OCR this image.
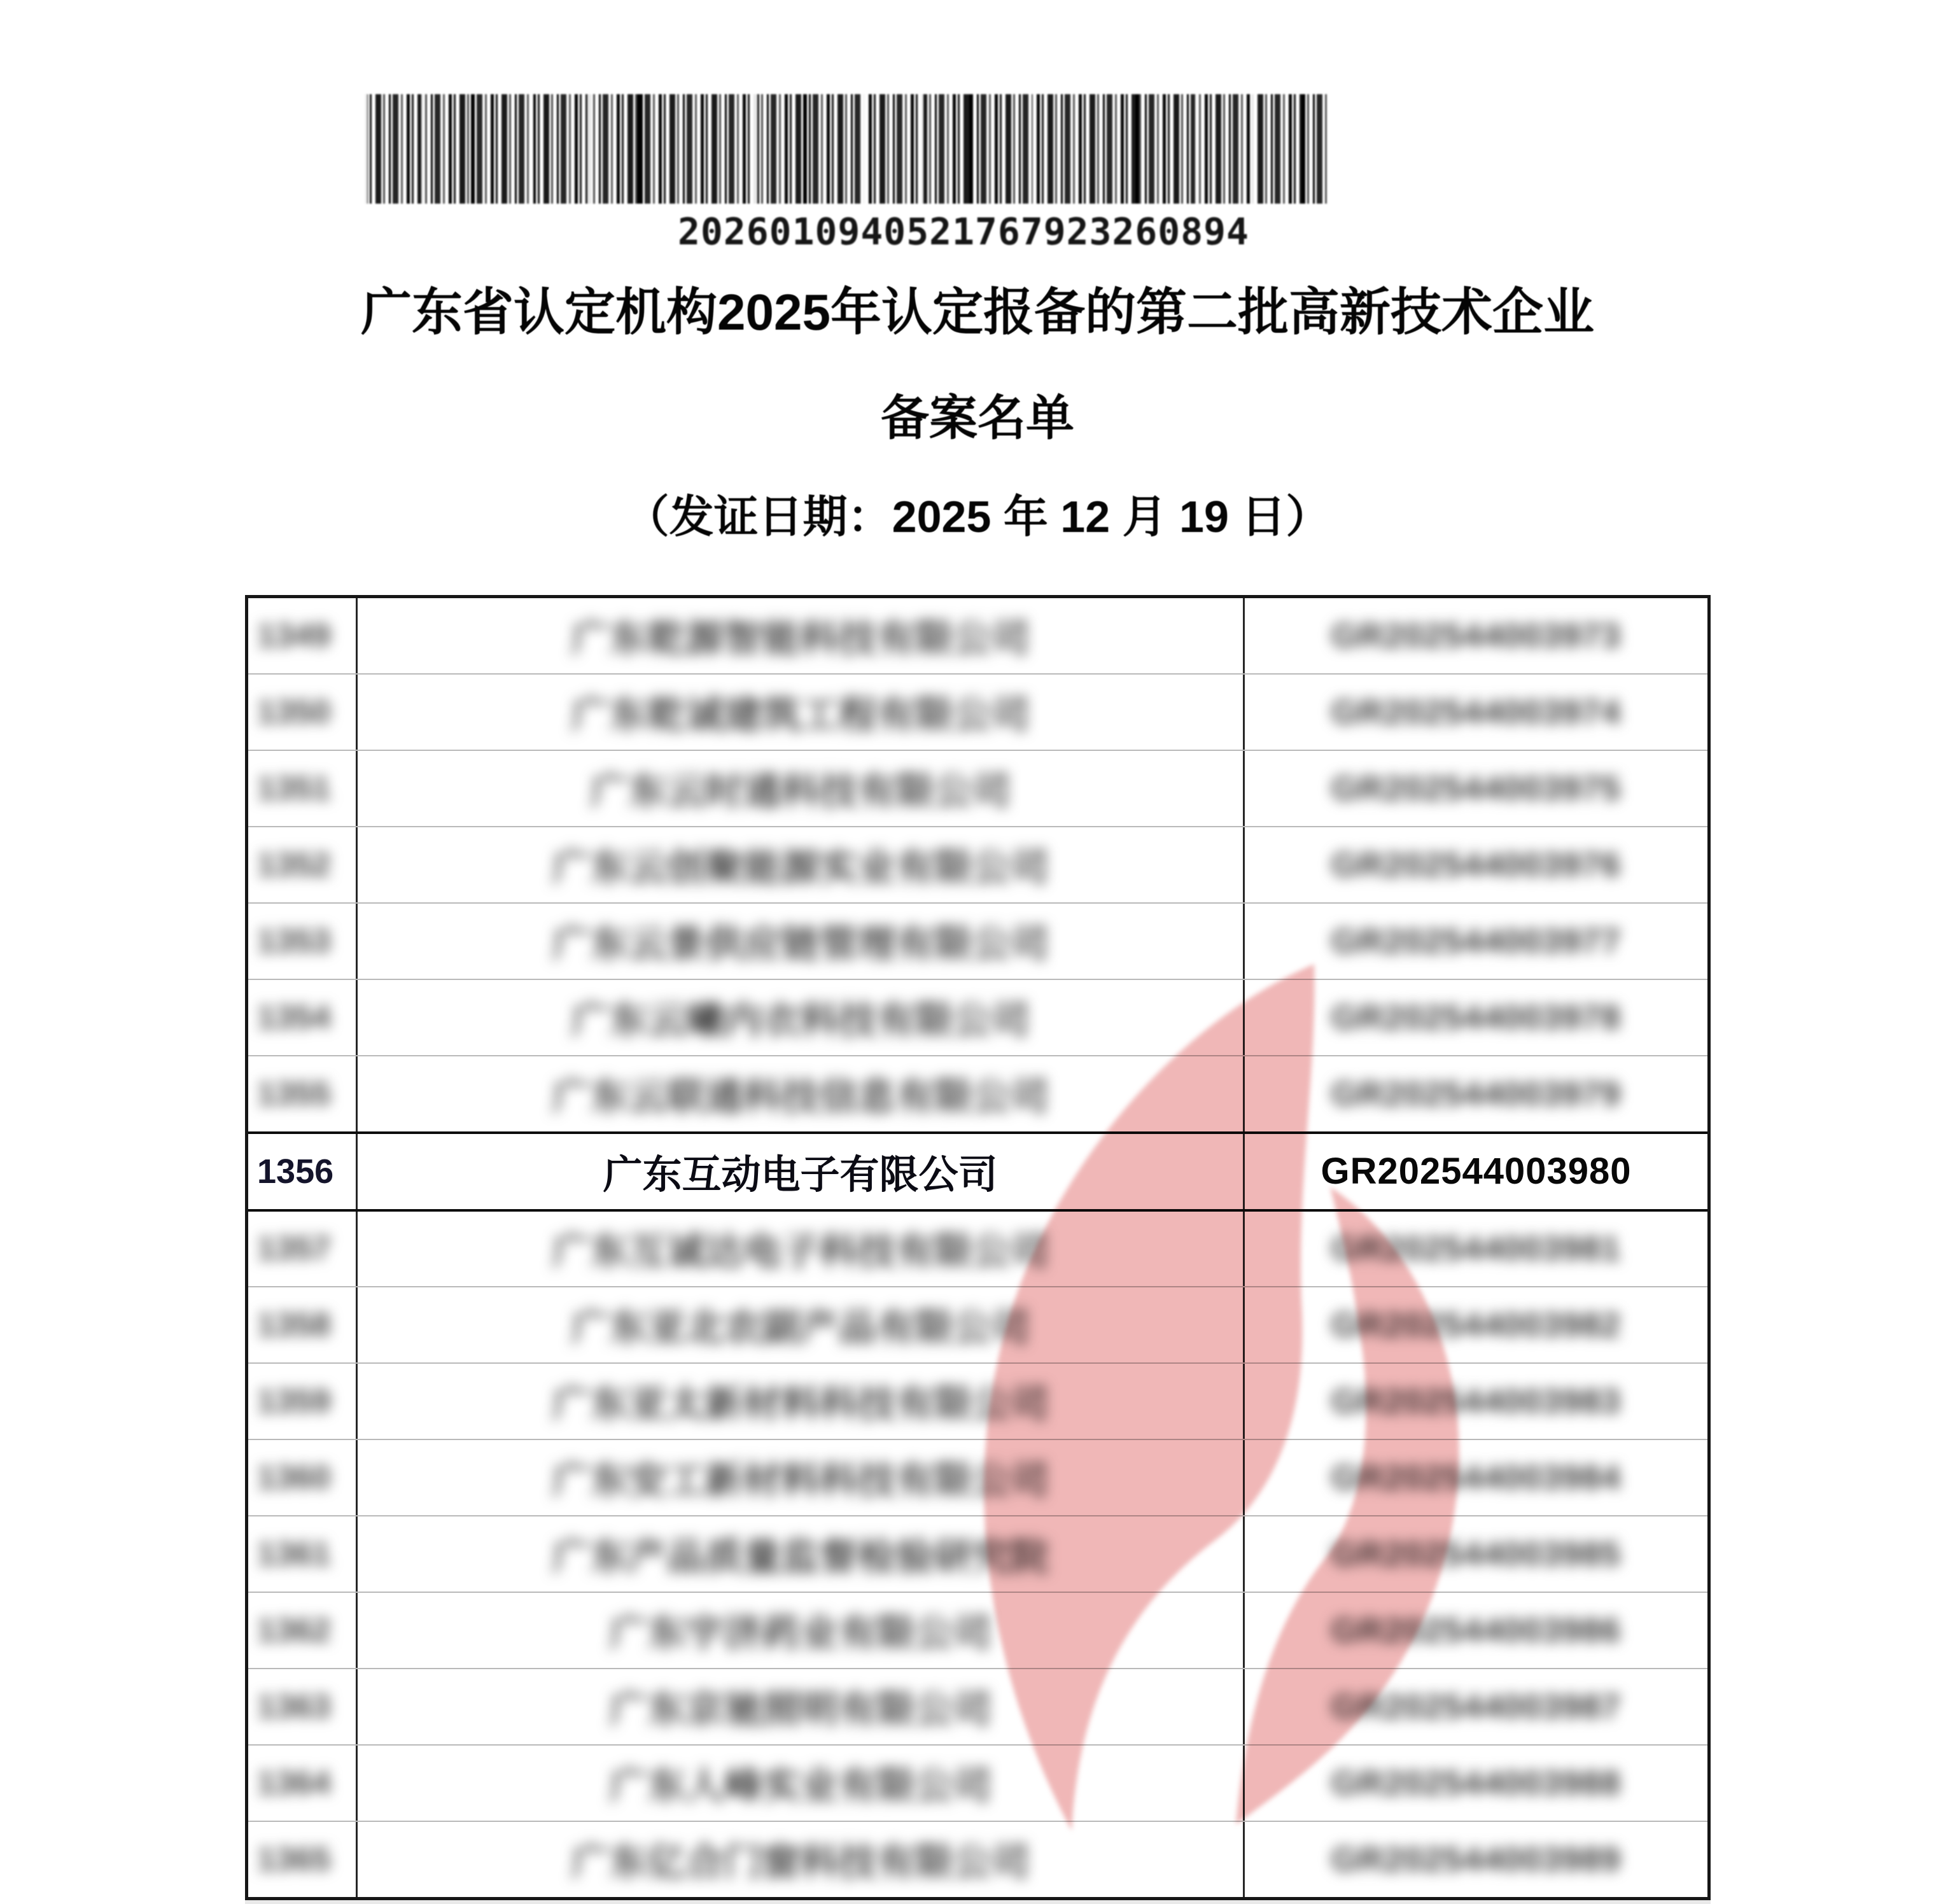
2026010940521767923260894
广东省认定机构2025年认定报备的第二批高新技术企业
备案名单
（发证日期：2025 年 12 月 19 日）
1349	广东乾源智能科技有限公司	GR202544003973
1350	广东乾诚建筑工程有限公司	GR202544003974
1351	广东云时通科技有限公司	GR202544003975
1352	广东云创聚能源实业有限公司	GR202544003976
1353	广东云景供应链管理有限公司	GR202544003977
1354	广东云曦内衣科技有限公司	GR202544003978
1355	广东云联通科技信息有限公司	GR202544003979
1356	广东互动电子有限公司	GR202544003980
1357	广东互诚达电子科技有限公司	GR202544003981
1358	广东亚北农副产品有限公司	GR202544003982
1359	广东亚太新材料科技有限公司	GR202544003983
1360	广东安工新材料科技有限公司	GR202544003984
1361	广东产品质量监督检验研究院	GR202544003985
1362	广东宇济药业有限公司	GR202544003986
1363	广东京驰照明有限公司	GR202544003987
1364	广东人峰实业有限公司	GR202544003988
1365	广东亿合门窗科技有限公司	GR202544003989
